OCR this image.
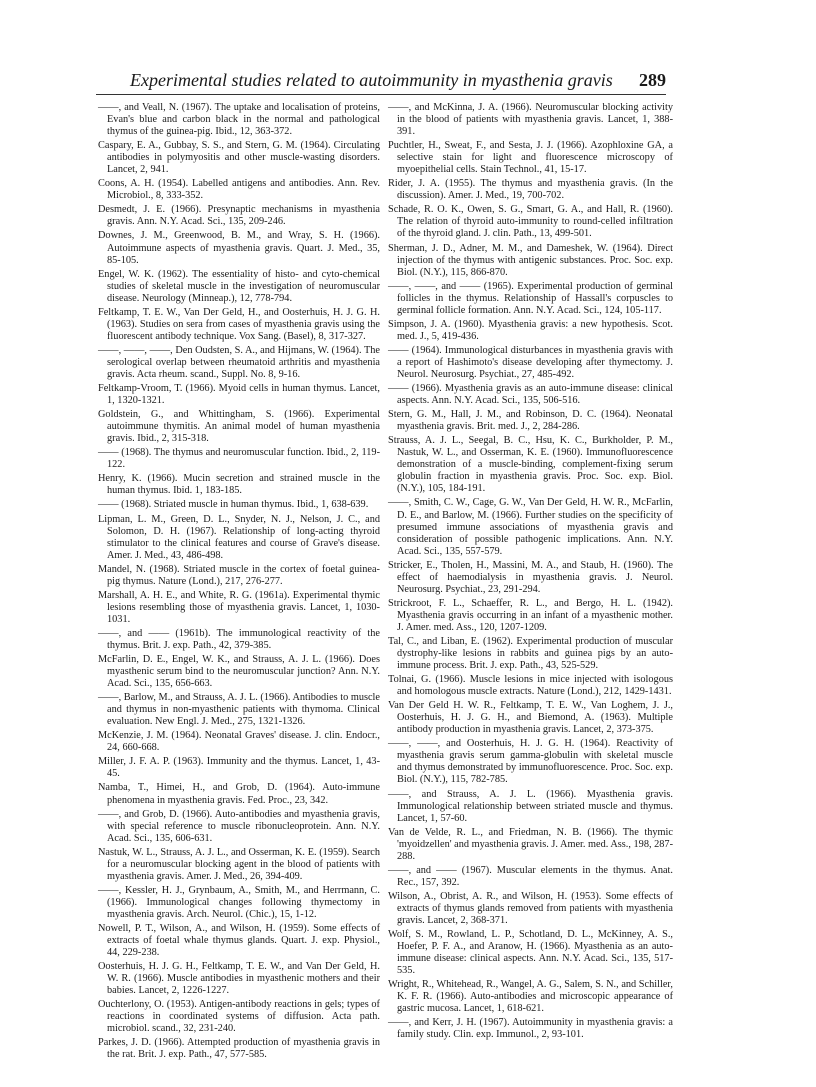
Experimental studies related to autoimmunity in myasthenia gravis 289

——, and Veall, N. (1967). The uptake and localisation of proteins, Evan's blue and carbon black in the normal and pathological thymus of the guinea-pig. Ibid., 12, 363-372.

Caspary, E. A., Gubbay, S. S., and Stern, G. M. (1964). Circulating antibodies in polymyositis and other muscle-wasting disorders. Lancet, 2, 941.

Coons, A. H. (1954). Labelled antigens and antibodies. Ann. Rev. Microbiol., 8, 333-352.

Desmedt, J. E. (1966). Presynaptic mechanisms in myasthenia gravis. Ann. N.Y. Acad. Sci., 135, 209-246.

Downes, J. M., Greenwood, B. M., and Wray, S. H. (1966). Autoimmune aspects of myasthenia gravis. Quart. J. Med., 35, 85-105.

Engel, W. K. (1962). The essentiality of histo- and cyto-chemical studies of skeletal muscle in the investigation of neuromuscular disease. Neurology (Minneap.), 12, 778-794.

Feltkamp, T. E. W., Van Der Geld, H., and Oosterhuis, H. J. G. H. (1963). Studies on sera from cases of myasthenia gravis using the fluorescent antibody technique. Vox Sang. (Basel), 8, 317-327.

——, ——, ——, Den Oudsten, S. A., and Hijmans, W. (1964). The serological overlap between rheumatoid arthritis and myasthenia gravis. Acta rheum. scand., Suppl. No. 8, 9-16.

Feltkamp-Vroom, T. (1966). Myoid cells in human thymus. Lancet, 1, 1320-1321.

Goldstein, G., and Whittingham, S. (1966). Experimental autoimmune thymitis. An animal model of human myasthenia gravis. Ibid., 2, 315-318.

—— (1968). The thymus and neuromuscular function. Ibid., 2, 119-122.

Henry, K. (1966). Mucin secretion and strained muscle in the human thymus. Ibid. 1, 183-185.

—— (1968). Striated muscle in human thymus. Ibid., 1, 638-639.

Lipman, L. M., Green, D. L., Snyder, N. J., Nelson, J. C., and Solomon, D. H. (1967). Relationship of long-acting thyroid stimulator to the clinical features and course of Grave's disease. Amer. J. Med., 43, 486-498.

Mandel, N. (1968). Striated muscle in the cortex of foetal guinea-pig thymus. Nature (Lond.), 217, 276-277.

Marshall, A. H. E., and White, R. G. (1961a). Experimental thymic lesions resembling those of myasthenia gravis. Lancet, 1, 1030-1031.

——, and —— (1961b). The immunological reactivity of the thymus. Brit. J. exp. Path., 42, 379-385.

McFarlin, D. E., Engel, W. K., and Strauss, A. J. L. (1966). Does myasthenic serum bind to the neuromuscular junction? Ann. N.Y. Acad. Sci., 135, 656-663.

——, Barlow, M., and Strauss, A. J. L. (1966). Antibodies to muscle and thymus in non-myasthenic patients with thymoma. Clinical evaluation. New Engl. J. Med., 275, 1321-1326.

McKenzie, J. M. (1964). Neonatal Graves' disease. J. clin. Endocr., 24, 660-668.

Miller, J. F. A. P. (1963). Immunity and the thymus. Lancet, 1, 43-45.

Namba, T., Himei, H., and Grob, D. (1964). Auto-immune phenomena in myasthenia gravis. Fed. Proc., 23, 342.

——, and Grob, D. (1966). Auto-antibodies and myasthenia gravis, with special reference to muscle ribonucleoprotein. Ann. N.Y. Acad. Sci., 135, 606-631.

Nastuk, W. L., Strauss, A. J. L., and Osserman, K. E. (1959). Search for a neuromuscular blocking agent in the blood of patients with myasthenia gravis. Amer. J. Med., 26, 394-409.

——, Kessler, H. J., Grynbaum, A., Smith, M., and Herrmann, C. (1966). Immunological changes following thymectomy in myasthenia gravis. Arch. Neurol. (Chic.), 15, 1-12.

Nowell, P. T., Wilson, A., and Wilson, H. (1959). Some effects of extracts of foetal whale thymus glands. Quart. J. exp. Physiol., 44, 229-238.

Oosterhuis, H. J. G. H., Feltkamp, T. E. W., and Van Der Geld, H. W. R. (1966). Muscle antibodies in myasthenic mothers and their babies. Lancet, 2, 1226-1227.

Ouchterlony, O. (1953). Antigen-antibody reactions in gels; types of reactions in coordinated systems of diffusion. Acta path. microbiol. scand., 32, 231-240.

Parkes, J. D. (1966). Attempted production of myasthenia gravis in the rat. Brit. J. exp. Path., 47, 577-585.

——, and McKinna, J. A. (1966). Neuromuscular blocking activity in the blood of patients with myasthenia gravis. Lancet, 1, 388-391.

Puchtler, H., Sweat, F., and Sesta, J. J. (1966). Azophloxine GA, a selective stain for light and fluorescence microscopy of myoepithelial cells. Stain Technol., 41, 15-17.

Rider, J. A. (1955). The thymus and myasthenia gravis. (In the discussion). Amer. J. Med., 19, 700-702.

Schade, R. O. K., Owen, S. G., Smart, G. A., and Hall, R. (1960). The relation of thyroid auto-immunity to round-celled infiltration of the thyroid gland. J. clin. Path., 13, 499-501.

Sherman, J. D., Adner, M. M., and Dameshek, W. (1964). Direct injection of the thymus with antigenic substances. Proc. Soc. exp. Biol. (N.Y.), 115, 866-870.

——, ——, and —— (1965). Experimental production of germinal follicles in the thymus. Relationship of Hassall's corpuscles to germinal follicle formation. Ann. N.Y. Acad. Sci., 124, 105-117.

Simpson, J. A. (1960). Myasthenia gravis: a new hypothesis. Scot. med. J., 5, 419-436.

—— (1964). Immunological disturbances in myasthenia gravis with a report of Hashimoto's disease developing after thymectomy. J. Neurol. Neurosurg. Psychiat., 27, 485-492.

—— (1966). Myasthenia gravis as an auto-immune disease: clinical aspects. Ann. N.Y. Acad. Sci., 135, 506-516.

Stern, G. M., Hall, J. M., and Robinson, D. C. (1964). Neonatal myasthenia gravis. Brit. med. J., 2, 284-286.

Strauss, A. J. L., Seegal, B. C., Hsu, K. C., Burkholder, P. M., Nastuk, W. L., and Osserman, K. E. (1960). Immunofluorescence demonstration of a muscle-binding, complement-fixing serum globulin fraction in myasthenia gravis. Proc. Soc. exp. Biol. (N.Y.), 105, 184-191.

——, Smith, C. W., Cage, G. W., Van Der Geld, H. W. R., McFarlin, D. E., and Barlow, M. (1966). Further studies on the specificity of presumed immune associations of myasthenia gravis and consideration of possible pathogenic implications. Ann. N.Y. Acad. Sci., 135, 557-579.

Stricker, E., Tholen, H., Massini, M. A., and Staub, H. (1960). The effect of haemodialysis in myasthenia gravis. J. Neurol. Neurosurg. Psychiat., 23, 291-294.

Strickroot, F. L., Schaeffer, R. L., and Bergo, H. L. (1942). Myasthenia gravis occurring in an infant of a myasthenic mother. J. Amer. med. Ass., 120, 1207-1209.

Tal, C., and Liban, E. (1962). Experimental production of muscular dystrophy-like lesions in rabbits and guinea pigs by an auto-immune process. Brit. J. exp. Path., 43, 525-529.

Tolnai, G. (1966). Muscle lesions in mice injected with isologous and homologous muscle extracts. Nature (Lond.), 212, 1429-1431.

Van Der Geld H. W. R., Feltkamp, T. E. W., Van Loghem, J. J., Oosterhuis, H. J. G. H., and Biemond, A. (1963). Multiple antibody production in myasthenia gravis. Lancet, 2, 373-375.

——, ——, and Oosterhuis, H. J. G. H. (1964). Reactivity of myasthenia gravis serum gamma-globulin with skeletal muscle and thymus demonstrated by immunofluorescence. Proc. Soc. exp. Biol. (N.Y.), 115, 782-785.

——, and Strauss, A. J. L. (1966). Myasthenia gravis. Immunological relationship between striated muscle and thymus. Lancet, 1, 57-60.

Van de Velde, R. L., and Friedman, N. B. (1966). The thymic 'myoidzellen' and myasthenia gravis. J. Amer. med. Ass., 198, 287-288.

——, and —— (1967). Muscular elements in the thymus. Anat. Rec., 157, 392.

Wilson, A., Obrist, A. R., and Wilson, H. (1953). Some effects of extracts of thymus glands removed from patients with myasthenia gravis. Lancet, 2, 368-371.

Wolf, S. M., Rowland, L. P., Schotland, D. L., McKinney, A. S., Hoefer, P. F. A., and Aranow, H. (1966). Myasthenia as an auto-immune disease: clinical aspects. Ann. N.Y. Acad. Sci., 135, 517-535.

Wright, R., Whitehead, R., Wangel, A. G., Salem, S. N., and Schiller, K. F. R. (1966). Auto-antibodies and microscopic appearance of gastric mucosa. Lancet, 1, 618-621.

——, and Kerr, J. H. (1967). Autoimmunity in myasthenia gravis: a family study. Clin. exp. Immunol., 2, 93-101.
